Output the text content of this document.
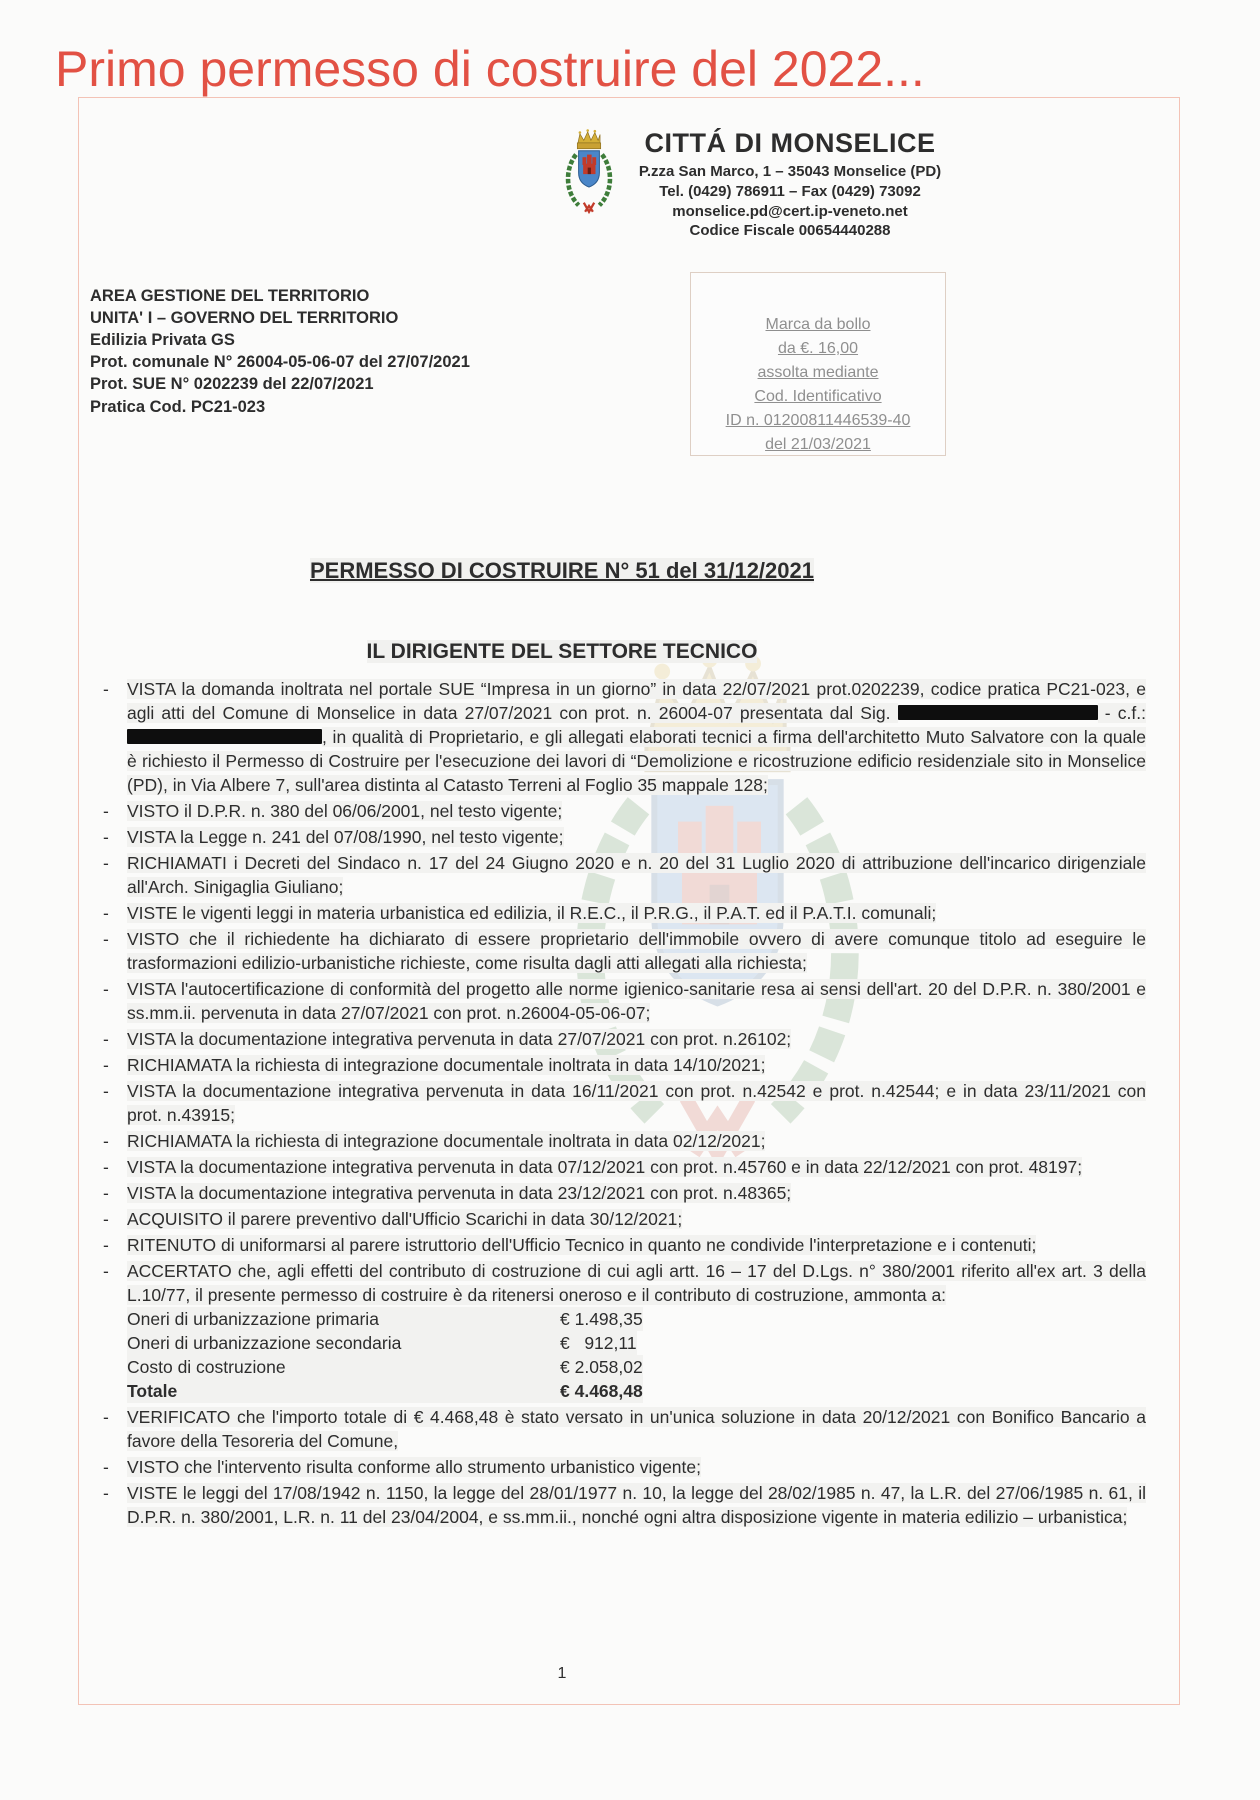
Primo permesso di costruire del 2022...
CITTÁ DI MONSELICE
P.zza San Marco, 1 – 35043 Monselice (PD)
Tel. (0429) 786911 – Fax (0429) 73092
monselice.pd@cert.ip-veneto.net
Codice Fiscale 00654440288
AREA GESTIONE DEL TERRITORIO
UNITA' I – GOVERNO DEL TERRITORIO
Edilizia Privata GS
Prot. comunale N° 26004-05-06-07 del 27/07/2021
Prot. SUE N° 0202239 del 22/07/2021
Pratica Cod. PC21-023
Marca da bollo
da €. 16,00
assolta mediante
Cod. Identificativo
ID n. 01200811446539-40
del 21/03/2021
PERMESSO DI COSTRUIRE N° 51 del 31/12/2021
IL DIRIGENTE DEL SETTORE TECNICO
- VISTA la domanda inoltrata nel portale SUE “Impresa in un giorno” in data 22/07/2021 prot.0202239, codice pratica PC21-023, e agli atti del Comune di Monselice in data 27/07/2021 con prot. n. 26004-07 presentata dal Sig.	- c.f.: , in qualità di Proprietario, e gli allegati elaborati tecnici a firma dell'architetto Muto Salvatore con la quale è richiesto il Permesso di Costruire per l'esecuzione dei lavori di “Demolizione e ricostruzione edificio residenziale sito in Monselice (PD), in Via Albere 7, sull'area distinta al Catasto Terreni al Foglio 35 mappale 128;
- VISTO il D.P.R. n. 380 del 06/06/2001, nel testo vigente;
- VISTA la Legge n. 241 del 07/08/1990, nel testo vigente;
- RICHIAMATI i Decreti del Sindaco n. 17 del 24 Giugno 2020 e n. 20 del 31 Luglio 2020 di attribuzione dell'incarico dirigenziale all'Arch. Sinigaglia Giuliano;
- VISTE le vigenti leggi in materia urbanistica ed edilizia, il R.E.C., il P.R.G., il P.A.T. ed il P.A.T.I. comunali;
- VISTO che il richiedente ha dichiarato di essere proprietario dell'immobile ovvero di avere comunque titolo ad eseguire le trasformazioni edilizio-urbanistiche richieste, come risulta dagli atti allegati alla richiesta;
- VISTA l'autocertificazione di conformità del progetto alle norme igienico-sanitarie resa ai sensi dell'art. 20 del D.P.R. n. 380/2001 e ss.mm.ii. pervenuta in data 27/07/2021 con prot. n.26004-05-06-07;
- VISTA la documentazione integrativa pervenuta in data 27/07/2021 con prot. n.26102;
- RICHIAMATA la richiesta di integrazione documentale inoltrata in data 14/10/2021;
- VISTA la documentazione integrativa pervenuta in data 16/11/2021 con prot. n.42542 e prot. n.42544; e in data 23/11/2021 con prot. n.43915;
- RICHIAMATA la richiesta di integrazione documentale inoltrata in data 02/12/2021;
- VISTA la documentazione integrativa pervenuta in data 07/12/2021 con prot. n.45760 e in data 22/12/2021 con prot. 48197;
- VISTA la documentazione integrativa pervenuta in data 23/12/2021 con prot. n.48365;
- ACQUISITO il parere preventivo dall'Ufficio Scarichi in data 30/12/2021;
- RITENUTO di uniformarsi al parere istruttorio dell'Ufficio Tecnico in quanto ne condivide l'interpretazione e i contenuti;
- ACCERTATO che, agli effetti del contributo di costruzione di cui agli artt. 16 – 17 del D.Lgs. n° 380/2001 riferito all'ex art. 3 della L.10/77, il presente permesso di costruire è da ritenersi oneroso e il contributo di costruzione, ammonta a:
Oneri di urbanizzazione primaria	€ 1.498,35
Oneri di urbanizzazione secondaria	€   912,11
Costo di costruzione	€ 2.058,02
Totale	€ 4.468,48
- VERIFICATO che l'importo totale di € 4.468,48 è stato versato in un'unica soluzione in data 20/12/2021 con Bonifico Bancario a favore della Tesoreria del Comune,
- VISTO che l'intervento risulta conforme allo strumento urbanistico vigente;
- VISTE le leggi del 17/08/1942 n. 1150, la legge del 28/01/1977 n. 10, la legge del 28/02/1985 n. 47, la L.R. del 27/06/1985 n. 61, il D.P.R. n. 380/2001, L.R. n. 11 del 23/04/2004, e ss.mm.ii., nonché ogni altra disposizione vigente in materia edilizio – urbanistica;
1
